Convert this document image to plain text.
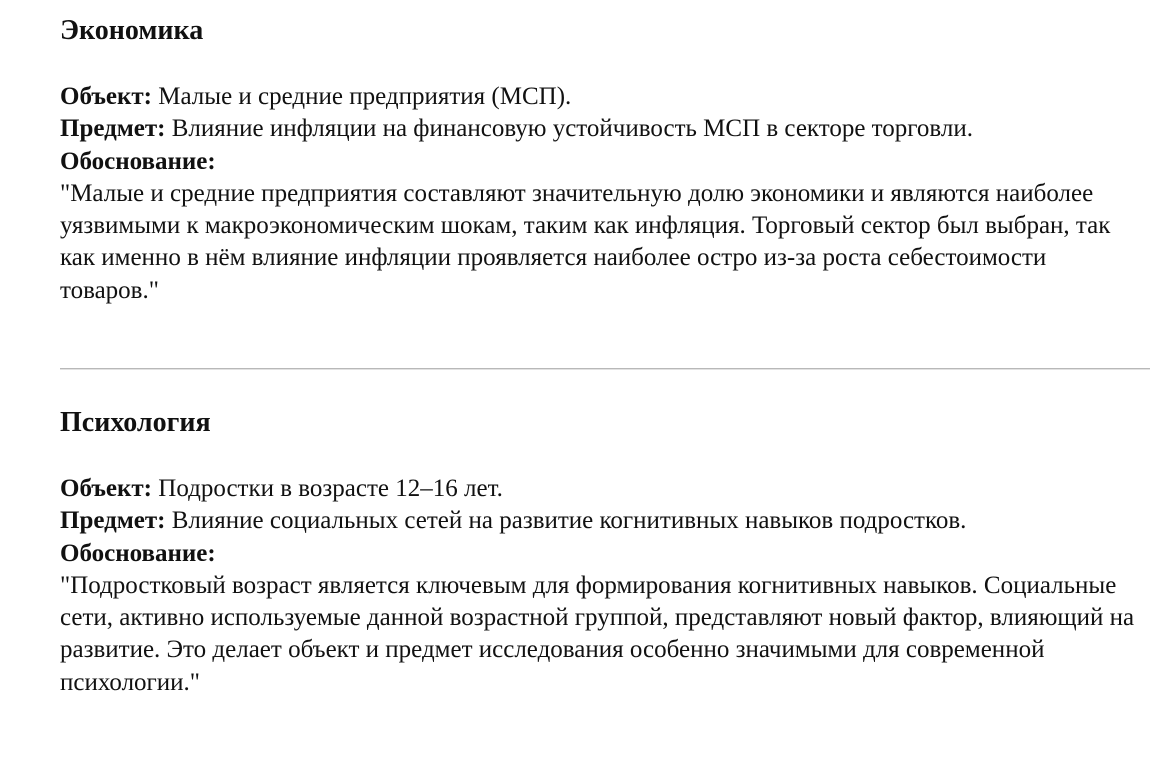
Экономика

Объект: Малые и средние предприятия (МСП).

Предмет: Влияние инфляции на финансовую устойчивость МСП в секторе торговли.

Обоснование:

"Малые и средние предприятия составляют значительную долю экономики и являются наиболее уязвимыми к макроэкономическим шокам, таким как инфляция. Торговый сектор был выбран, так как именно в нём влияние инфляции проявляется наиболее остро из-за роста себестоимости товаров."

Психология

Объект: Подростки в возрасте 12–16 лет.

Предмет: Влияние социальных сетей на развитие когнитивных навыков подростков.

Обоснование:

"Подростковый возраст является ключевым для формирования когнитивных навыков. Социальные сети, активно используемые данной возрастной группой, представляют новый фактор, влияющий на развитие. Это делает объект и предмет исследования особенно значимыми для современной психологии."
